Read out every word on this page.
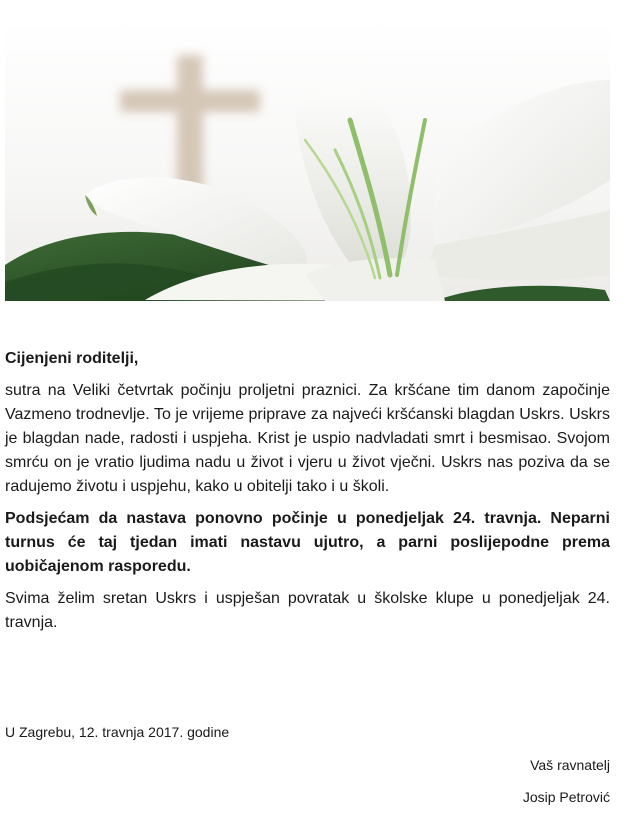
Cijenjeni roditelji,
sutra na Veliki četvrtak počinju proljetni praznici. Za kršćane tim danom započinje Vazmeno trodnevlje. To je vrijeme priprave za najveći kršćanski blagdan Uskrs. Uskrs je blagdan nade, radosti i uspjeha. Krist je uspio nadvladati smrt i besmisao. Svojom smrću on je vratio ljudima nadu u život i vjeru u život vječni. Uskrs nas poziva da se radujemo životu i uspjehu, kako u obitelji tako i u školi.
Podsjećam da nastava ponovno počinje u ponedjeljak 24. travnja. Neparni turnus će taj tjedan imati nastavu ujutro, a parni poslijepodne prema uobičajenom rasporedu.
Svima želim sretan Uskrs i uspješan povratak u školske klupe u ponedjeljak 24. travnja.
U Zagrebu, 12. travnja 2017. godine
Vaš ravnatelj
Josip Petrović
